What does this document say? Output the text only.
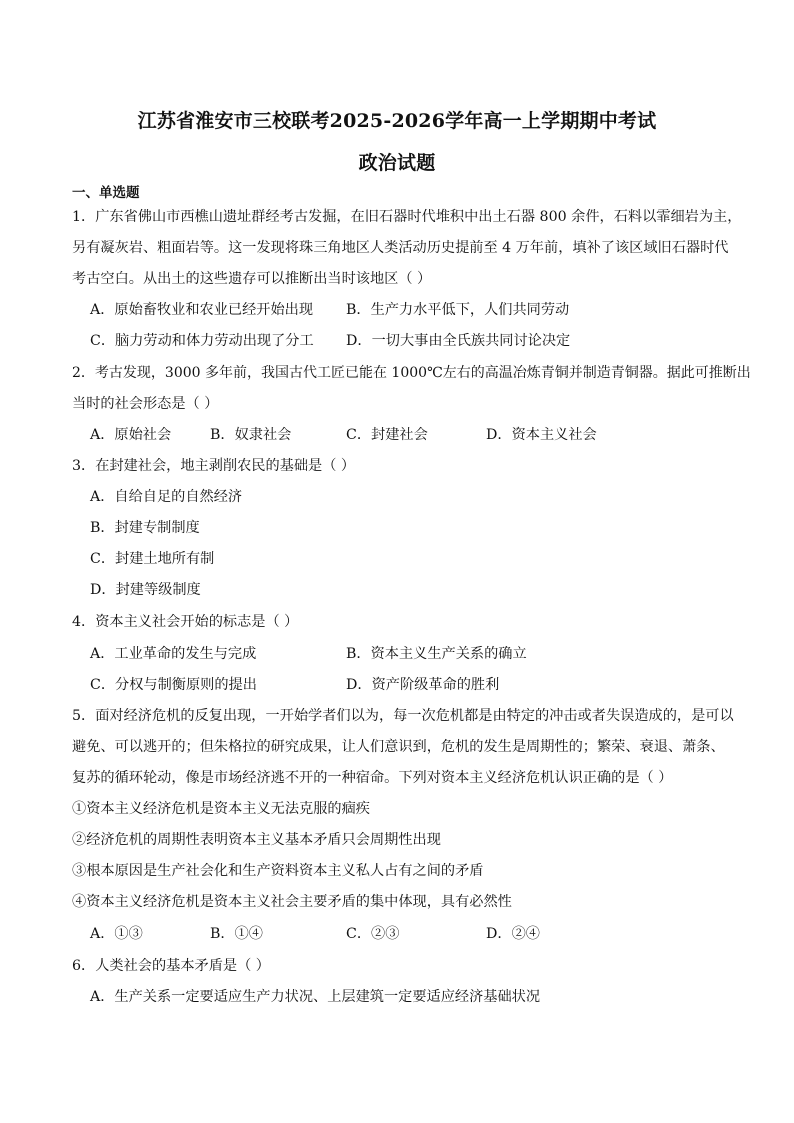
江苏省淮安市三校联考2025-2026学年高一上学期期中考试
政治试题
一、单选题
1．广东省佛山市西樵山遗址群经考古发掘，在旧石器时代堆积中出土石器 800 余件，石料以霏细岩为主，
另有凝灰岩、粗面岩等。这一发现将珠三角地区人类活动历史提前至 4 万年前，填补了该区域旧石器时代
考古空白。从出土的这些遗存可以推断出当时该地区（ ）
A．原始畜牧业和农业已经开始出现 B．生产力水平低下，人们共同劳动
C．脑力劳动和体力劳动出现了分工 D．一切大事由全氏族共同讨论决定
2．考古发现，3000 多年前，我国古代工匠已能在 1000℃左右的高温冶炼青铜并制造青铜器。据此可推断出
当时的社会形态是（ ）
A．原始社会	B．奴隶社会	C．封建社会	D．资本主义社会
3．在封建社会，地主剥削农民的基础是（ ）
A．自给自足的自然经济
B．封建专制制度
C．封建土地所有制
D．封建等级制度
4．资本主义社会开始的标志是（ ）
A．工业革命的发生与完成	B．资本主义生产关系的确立
C．分权与制衡原则的提出	D．资产阶级革命的胜利
5．面对经济危机的反复出现，一开始学者们以为，每一次危机都是由特定的冲击或者失误造成的，是可以
避免、可以逃开的；但朱格拉的研究成果，让人们意识到，危机的发生是周期性的；繁荣、衰退、萧条、
复苏的循环轮动，像是市场经济逃不开的一种宿命。下列对资本主义经济危机认识正确的是（ ）
①资本主义经济危机是资本主义无法克服的痼疾
②经济危机的周期性表明资本主义基本矛盾只会周期性出现
③根本原因是生产社会化和生产资料资本主义私人占有之间的矛盾
④资本主义经济危机是资本主义社会主要矛盾的集中体现，具有必然性
A．①③	B．①④	C．②③	D．②④
6．人类社会的基本矛盾是（ ）
A．生产关系一定要适应生产力状况、上层建筑一定要适应经济基础状况
